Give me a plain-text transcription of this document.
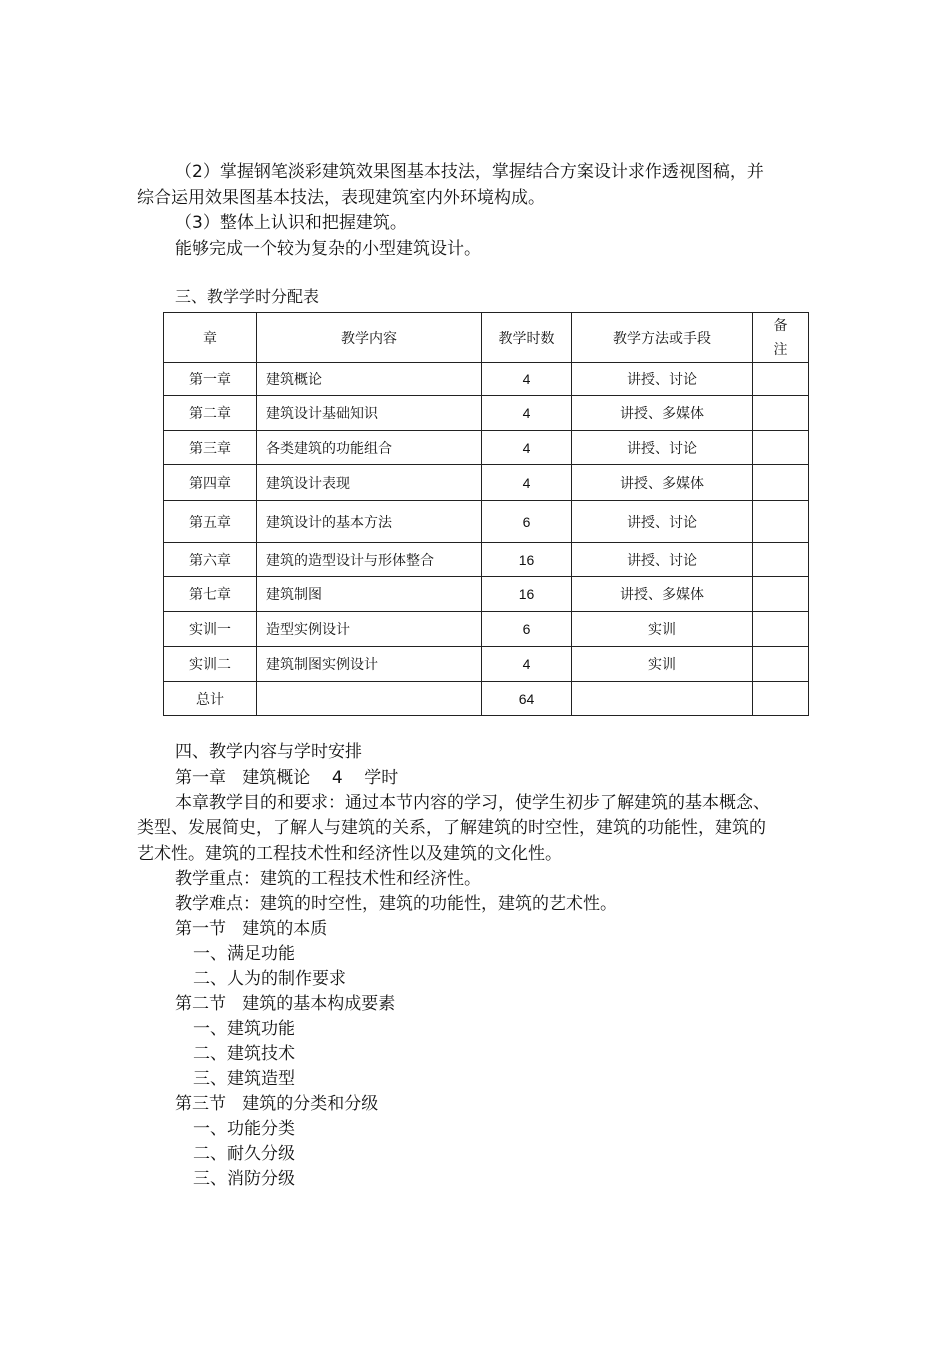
（2）掌握钢笔淡彩建筑效果图基本技法，掌握结合方案设计求作透视图稿，并
综合运用效果图基本技法，表现建筑室内外环境构成。
（3）整体上认识和把握建筑。
能够完成一个较为复杂的小型建筑设计。
三、教学学时分配表
章	教学内容	教学时数	教学方法或手段	备
注

第一章	建筑概论	4	讲授、讨论	
第二章	建筑设计基础知识	4	讲授、多媒体	
第三章	各类建筑的功能组合	4	讲授、讨论	
第四章	建筑设计表现	4	讲授、多媒体	
第五章	建筑设计的基本方法	6	讲授、讨论	
第六章	建筑的造型设计与形体整合	16	讲授、讨论	
第七章	建筑制图	16	讲授、多媒体	
实训一	造型实例设计	6	实训	
实训二	建筑制图实例设计	4	实训	
总计		64		
四、教学内容与学时安排
第一章   建筑概论    4    学时
本章教学目的和要求：通过本节内容的学习，使学生初步了解建筑的基本概念、
类型、发展简史，了解人与建筑的关系，了解建筑的时空性，建筑的功能性，建筑的
艺术性。建筑的工程技术性和经济性以及建筑的文化性。
教学重点：建筑的工程技术性和经济性。
教学难点：建筑的时空性，建筑的功能性，建筑的艺术性。
第一节   建筑的本质
一、满足功能
二、人为的制作要求
第二节   建筑的基本构成要素
一、建筑功能
二、建筑技术
三、建筑造型
第三节   建筑的分类和分级
一、功能分类
二、耐久分级
三、消防分级
